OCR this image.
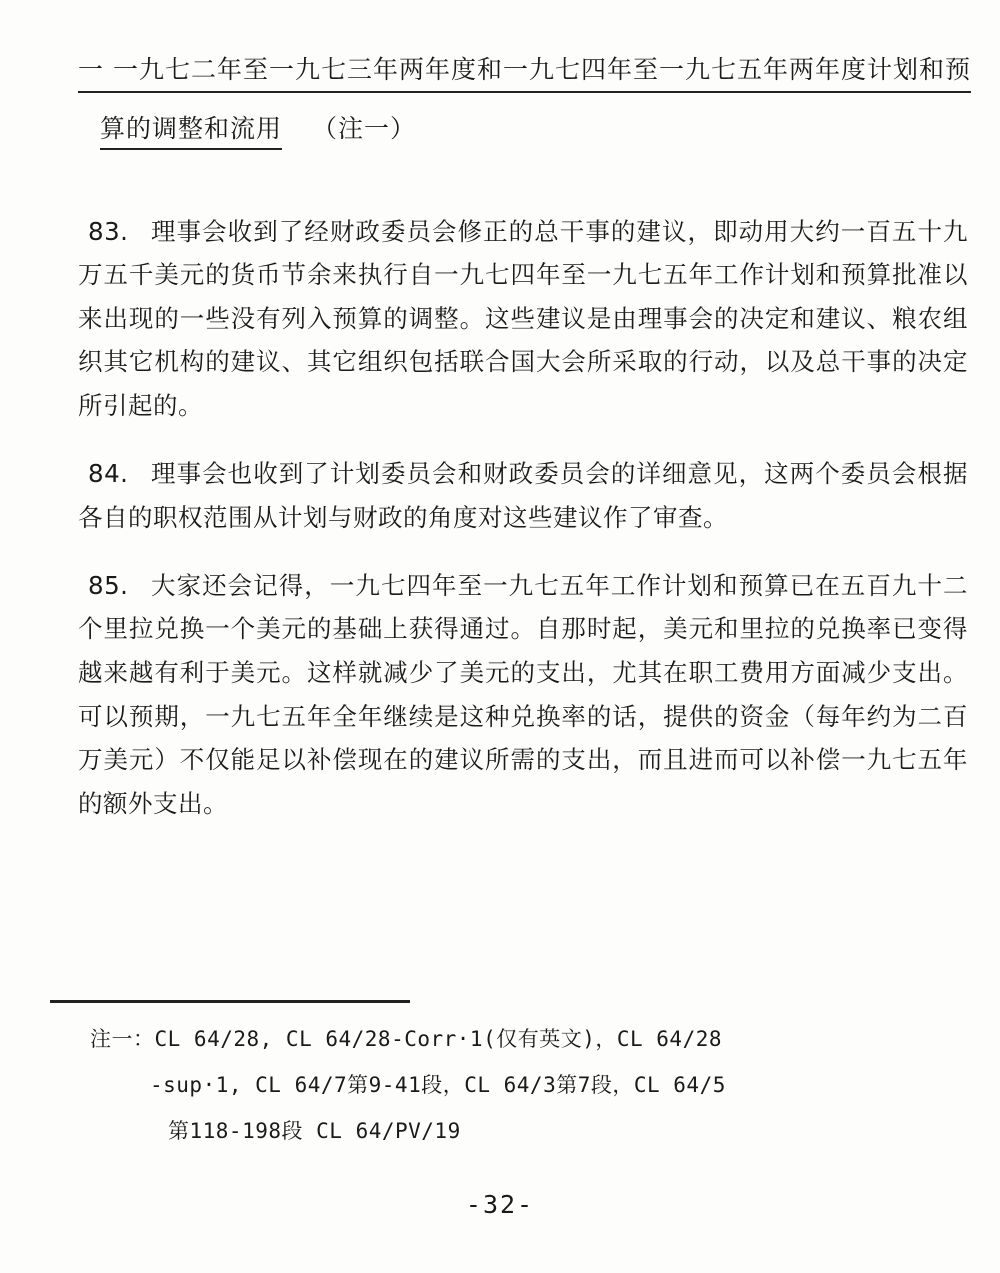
一 一九七二年至一九七三年两年度和一九七四年至一九七五年两年度计划和预 算的调整和流用 （注一）

83. 理事会收到了经财政委员会修正的总干事的建议，即动用大约一百五十九万五千美元的货币节余来执行自一九七四年至一九七五年工作计划和预算批准以来出现的一些没有列入预算的调整。这些建议是由理事会的决定和建议、粮农组织其它机构的建议、其它组织包括联合国大会所采取的行动，以及总干事的决定所引起的。

84. 理事会也收到了计划委员会和财政委员会的详细意见，这两个委员会根据各自的职权范围从计划与财政的角度对这些建议作了审查。

85. 大家还会记得，一九七四年至一九七五年工作计划和预算已在五百九十二个里拉兑换一个美元的基础上获得通过。自那时起，美元和里拉的兑换率已变得越来越有利于美元。这样就减少了美元的支出，尤其在职工费用方面减少支出。可以预期，一九七五年全年继续是这种兑换率的话，提供的资金（每年约为二百万美元）不仅能足以补偿现在的建议所需的支出，而且进而可以补偿一九七五年的额外支出。

注一：CL 64/28, CL 64/28-Corr·1(仅有英文)，CL 64/28
-sup·1, CL 64/7第9-41段，CL 64/3第7段，CL 64/5
第118-198段 CL 64/PV/19
-32-
